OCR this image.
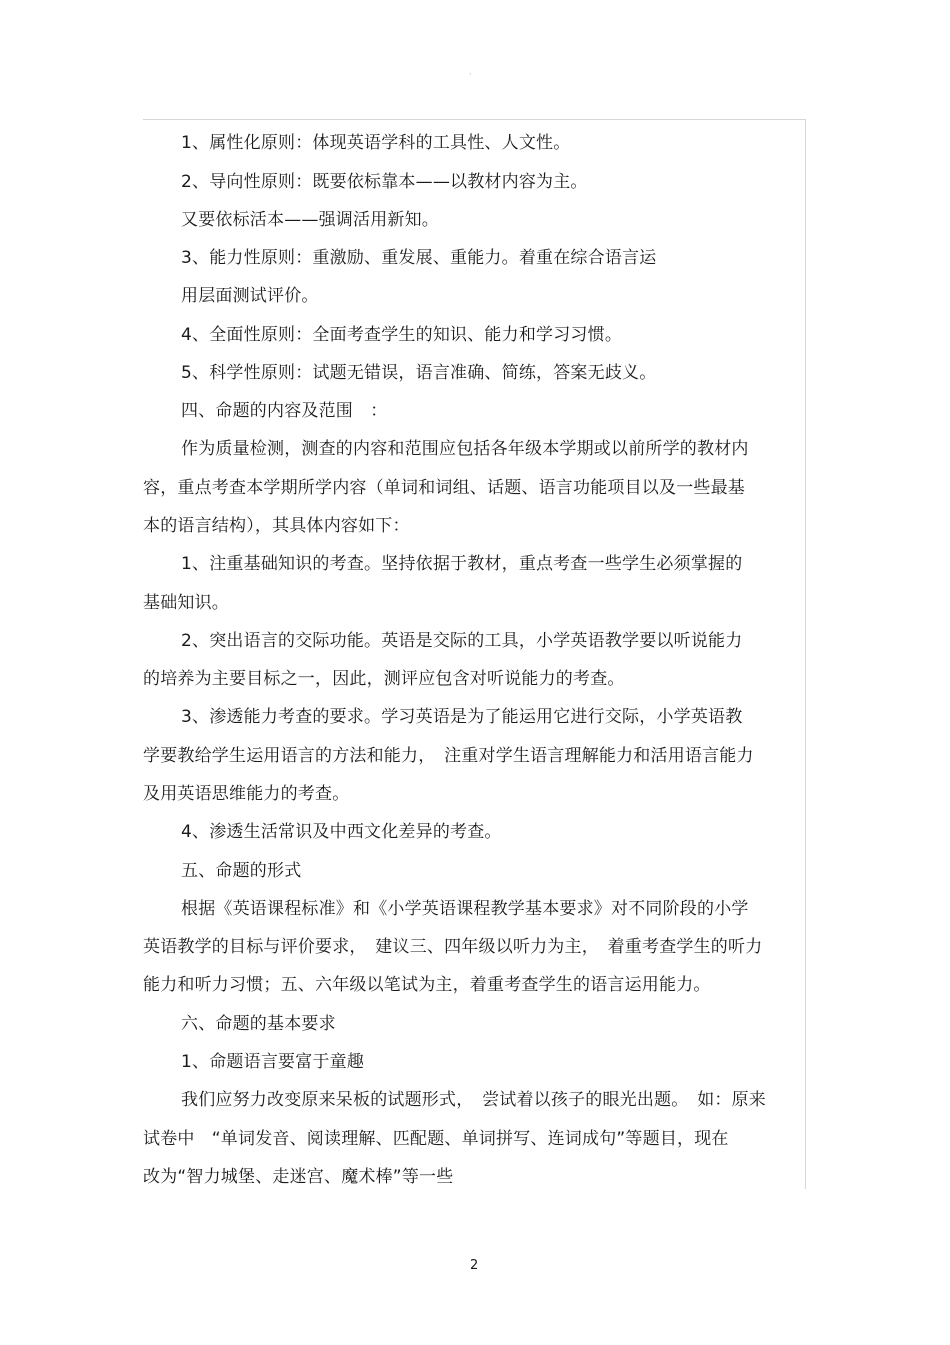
·
1、属性化原则：体现英语学科的工具性、人文性。
2、导向性原则：既要依标靠本——以教材内容为主。
又要依标活本——强调活用新知。
3、能力性原则：重激励、重发展、重能力。着重在综合语言运
用层面测试评价。
4、全面性原则：全面考查学生的知识、能力和学习习惯。
5、科学性原则：试题无错误，语言准确、简练，答案无歧义。
四、命题的内容及范围　：
作为质量检测，测查的内容和范围应包括各年级本学期或以前所学的教材内
容，重点考查本学期所学内容（单词和词组、话题、语言功能项目以及一些最基
本的语言结构），其具体内容如下：
1、注重基础知识的考查。坚持依据于教材，重点考查一些学生必须掌握的
基础知识。
2、突出语言的交际功能。英语是交际的工具，小学英语教学要以听说能力
的培养为主要目标之一，因此，测评应包含对听说能力的考查。
3、渗透能力考查的要求。学习英语是为了能运用它进行交际，小学英语教
学要教给学生运用语言的方法和能力，　注重对学生语言理解能力和活用语言能力
及用英语思维能力的考查。
4、渗透生活常识及中西文化差异的考查。
五、命题的形式
根据《英语课程标准》和《小学英语课程教学基本要求》对不同阶段的小学
英语教学的目标与评价要求，　建议三、四年级以听力为主，　着重考查学生的听力
能力和听力习惯；五、六年级以笔试为主，着重考查学生的语言运用能力。
六、命题的基本要求
1、命题语言要富于童趣
我们应努力改变原来呆板的试题形式，　尝试着以孩子的眼光出题。　如：原来
试卷中　“单词发音、阅读理解、匹配题、单词拼写、连词成句”等题目，现在
改为“智力城堡、走迷宫、魔术棒”等一些
2
